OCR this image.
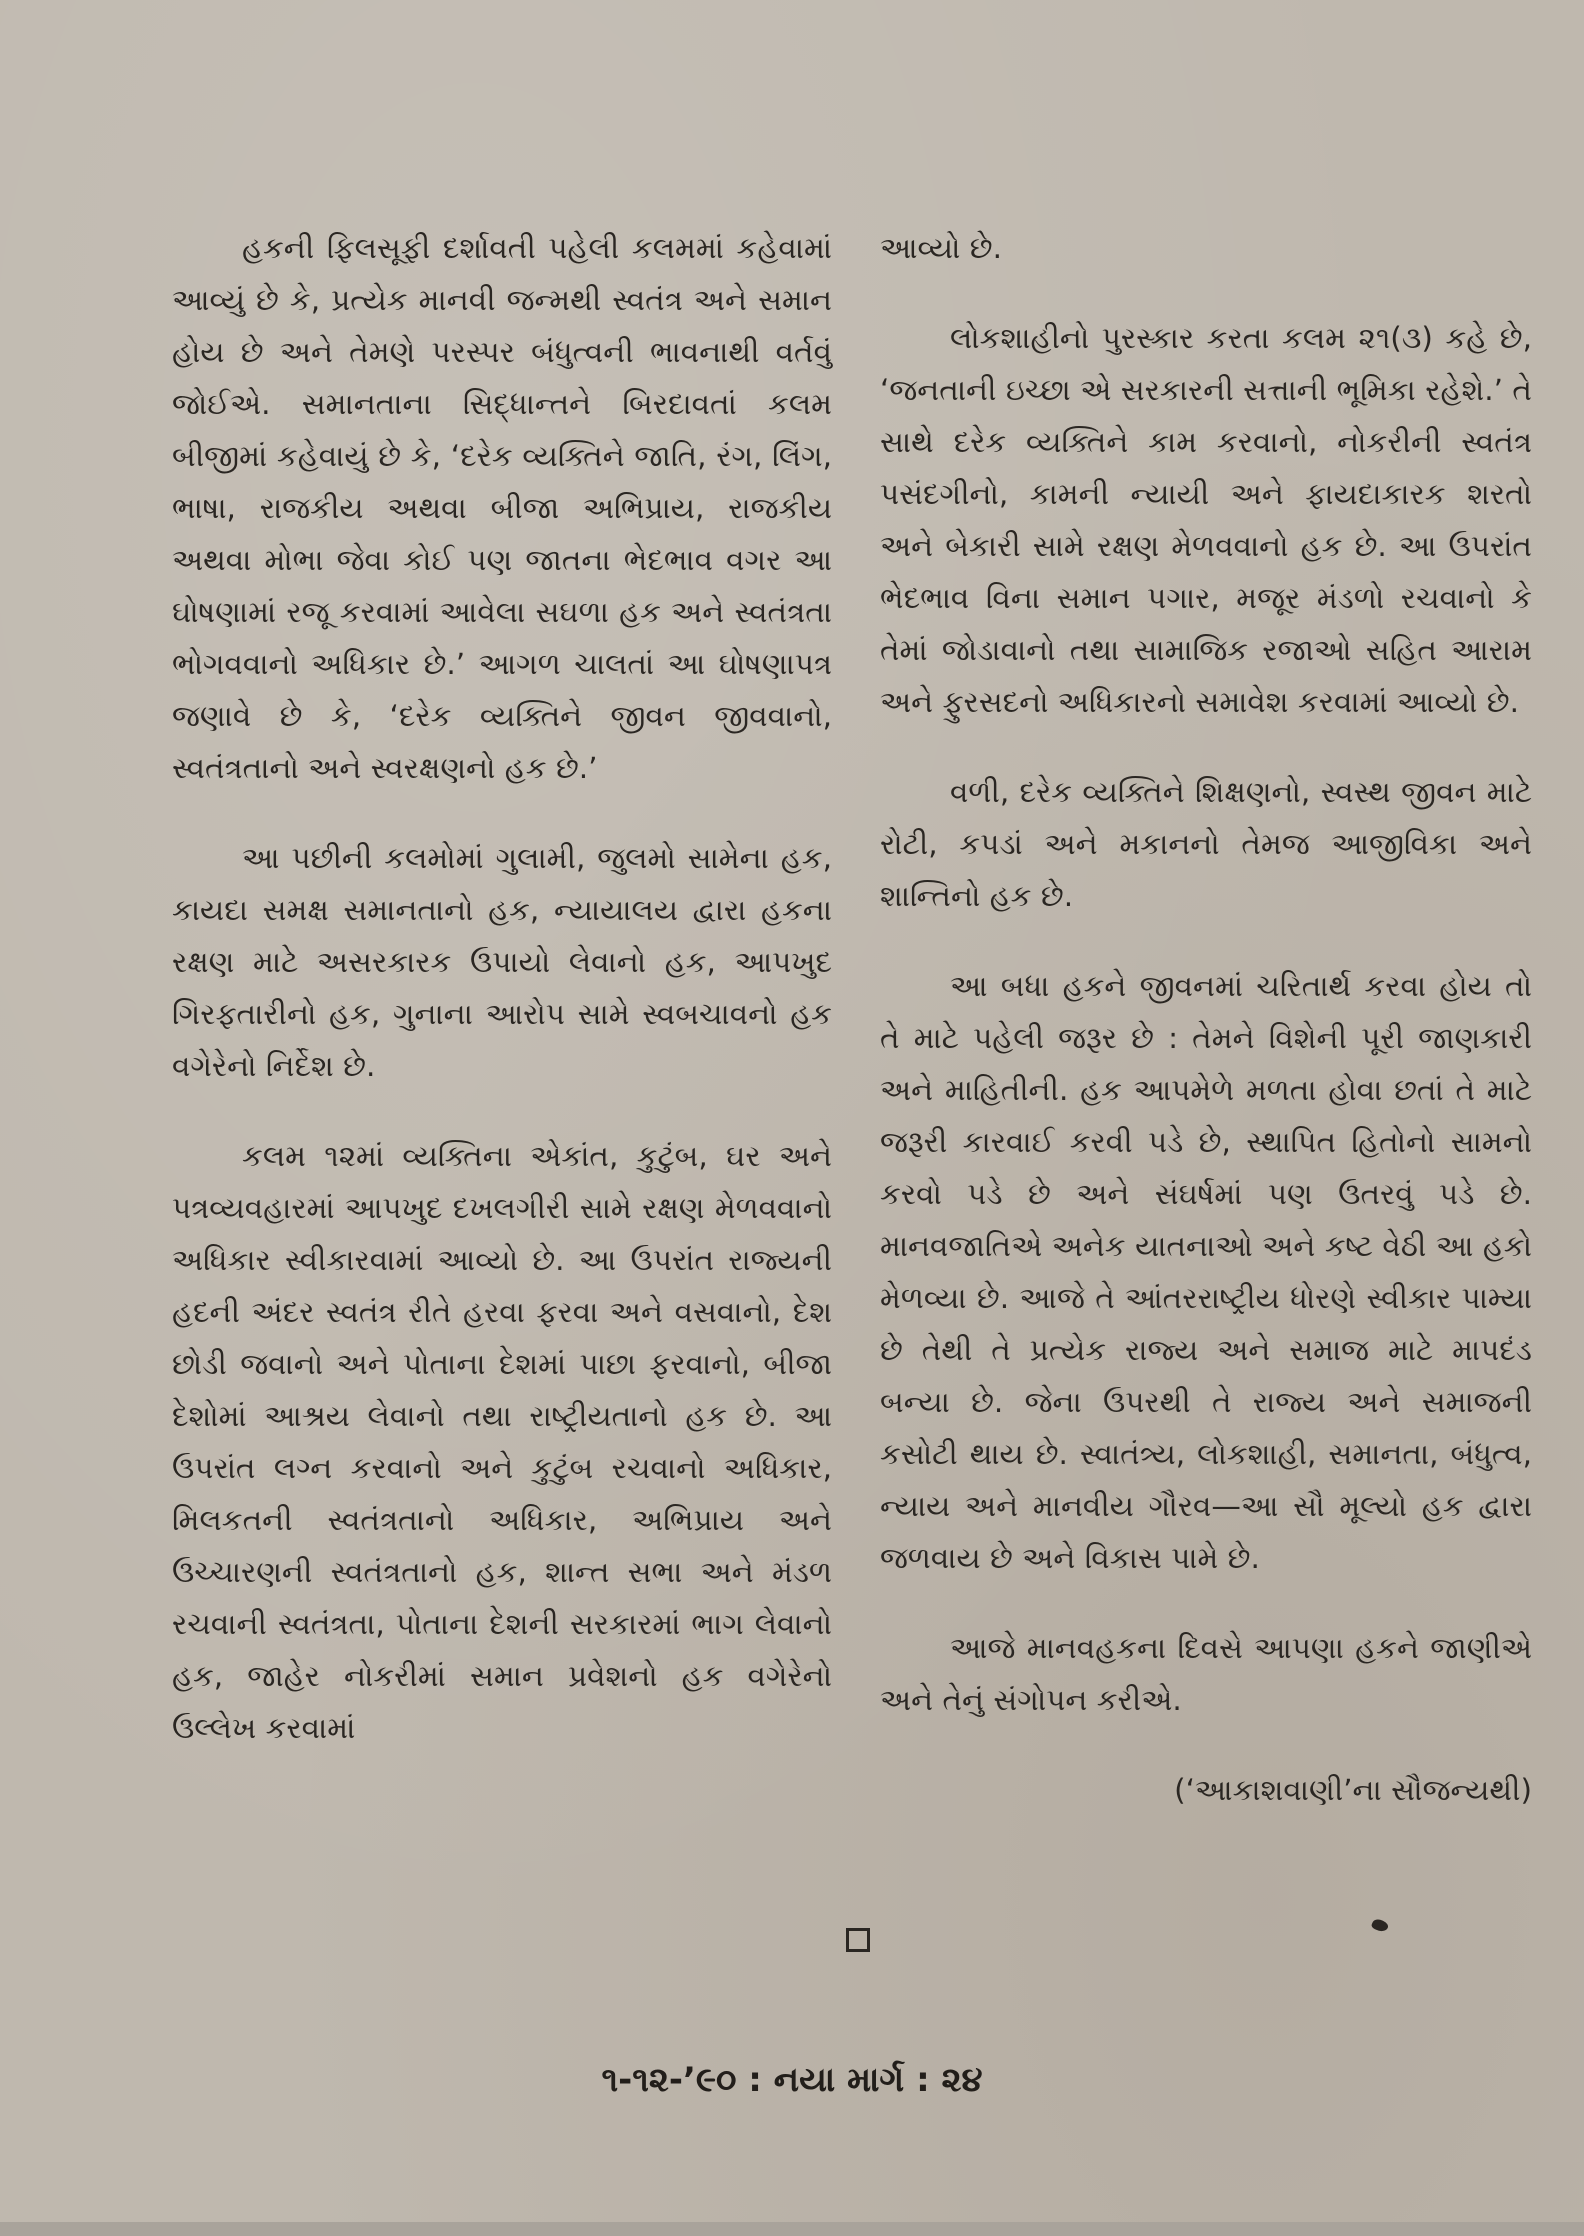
હકની ફિલસૂફી દર્શાવતી પહેલી કલમમાં કહેવામાં આવ્યું છે કે, પ્રત્યેક માનવી જન્મથી સ્વતંત્ર અને સમાન હોય છે અને તેમણે પરસ્પર બંધુત્વની ભાવનાથી વર્તવું જોઈએ. સમાનતાના સિદ્ધાન્તને બિરદાવતાં કલમ બીજીમાં કહેવાયું છે કે, ‘દરેક વ્યક્તિને જાતિ, રંગ, લિંગ, ભાષા, રાજકીય અથવા બીજા અભિપ્રાય, રાજકીય અથવા મોભા જેવા કોઈ પણ જાતના ભેદભાવ વગર આ ઘોષણામાં રજૂ કરવામાં આવેલા સઘળા હક અને સ્વતંત્રતા ભોગવવાનો અધિકાર છે.’ આગળ ચાલતાં આ ઘોષણાપત્ર જણાવે છે કે, ‘દરેક વ્યક્તિને જીવન જીવવાનો, સ્વતંત્રતાનો અને સ્વરક્ષણનો હક છે.’

આ પછીની કલમોમાં ગુલામી, જુલમો સામેના હક, કાયદા સમક્ષ સમાનતાનો હક, ન્યાયાલય દ્વારા હકના રક્ષણ માટે અસરકારક ઉપાયો લેવાનો હક, આપખુદ ગિરફતારીનો હક, ગુનાના આરોપ સામે સ્વબચાવનો હક વગેરેનો નિર્દેશ છે.

કલમ ૧૨માં વ્યક્તિના એકાંત, કુટુંબ, ઘર અને પત્રવ્યવહારમાં આપખુદ દખલગીરી સામે રક્ષણ મેળવવાનો અધિકાર સ્વીકારવામાં આવ્યો છે. આ ઉપરાંત રાજ્યની હદની અંદર સ્વતંત્ર રીતે હરવા ફરવા અને વસવાનો, દેશ છોડી જવાનો અને પોતાના દેશમાં પાછા ફરવાનો, બીજા દેશોમાં આશ્રય લેવાનો તથા રાષ્ટ્રીયતાનો હક છે. આ ઉપરાંત લગ્ન કરવાનો અને કુટુંબ રચવાનો અધિકાર, મિલકતની સ્વતંત્રતાનો અધિકાર, અભિપ્રાય અને ઉચ્ચારણની સ્વતંત્રતાનો હક, શાન્ત સભા અને મંડળ રચવાની સ્વતંત્રતા, પોતાના દેશની સરકારમાં ભાગ લેવાનો હક, જાહેર નોકરીમાં સમાન પ્રવેશનો હક વગેરેનો ઉલ્લેખ કરવામાં

આવ્યો છે.

લોકશાહીનો પુરસ્કાર કરતા કલમ ૨૧(૩) કહે છે, ‘જનતાની ઇચ્છા એ સરકારની સત્તાની ભૂમિકા રહેશે.’ તે સાથે દરેક વ્યક્તિને કામ કરવાનો, નોકરીની સ્વતંત્ર પસંદગીનો, કામની ન્યાયી અને ફાયદાકારક શરતો અને બેકારી સામે રક્ષણ મેળવવાનો હક છે. આ ઉપરાંત ભેદભાવ વિના સમાન પગાર, મજૂર મંડળો રચવાનો કે તેમાં જોડાવાનો તથા સામાજિક રજાઓ સહિત આરામ અને ફુરસદનો અધિકારનો સમાવેશ કરવામાં આવ્યો છે.

વળી, દરેક વ્યક્તિને શિક્ષણનો, સ્વસ્થ જીવન માટે રોટી, કપડાં અને મકાનનો તેમજ આજીવિકા અને શાન્તિનો હક છે.

આ બધા હકને જીવનમાં ચરિતાર્થ કરવા હોય તો તે માટે પહેલી જરૂર છે : તેમને વિશેની પૂરી જાણકારી અને માહિતીની. હક આપમેળે મળતા હોવા છતાં તે માટે જરૂરી કારવાઈ કરવી પડે છે, સ્થાપિત હિતોનો સામનો કરવો પડે છે અને સંઘર્ષમાં પણ ઉતરવું પડે છે. માનવજાતિએ અનેક યાતનાઓ અને કષ્ટ વેઠી આ હકો મેળવ્યા છે. આજે તે આંતરરાષ્ટ્રીય ધોરણે સ્વીકાર પામ્યા છે તેથી તે પ્રત્યેક રાજ્ય અને સમાજ માટે માપદંડ બન્યા છે. જેના ઉપરથી તે રાજ્ય અને સમાજની કસોટી થાય છે. સ્વાતંત્ર્ય, લોકશાહી, સમાનતા, બંધુત્વ, ન્યાય અને માનવીય ગૌરવ—આ સૌ મૂલ્યો હક દ્વારા જળવાય છે અને વિકાસ પામે છે.

આજે માનવહકના દિવસે આપણા હકને જાણીએ અને તેનું સંગોપન કરીએ.

(‘આકાશવાણી’ના સૌજન્યથી)

૧-૧૨-’૯૦ : નયા માર્ગ : ૨૪
